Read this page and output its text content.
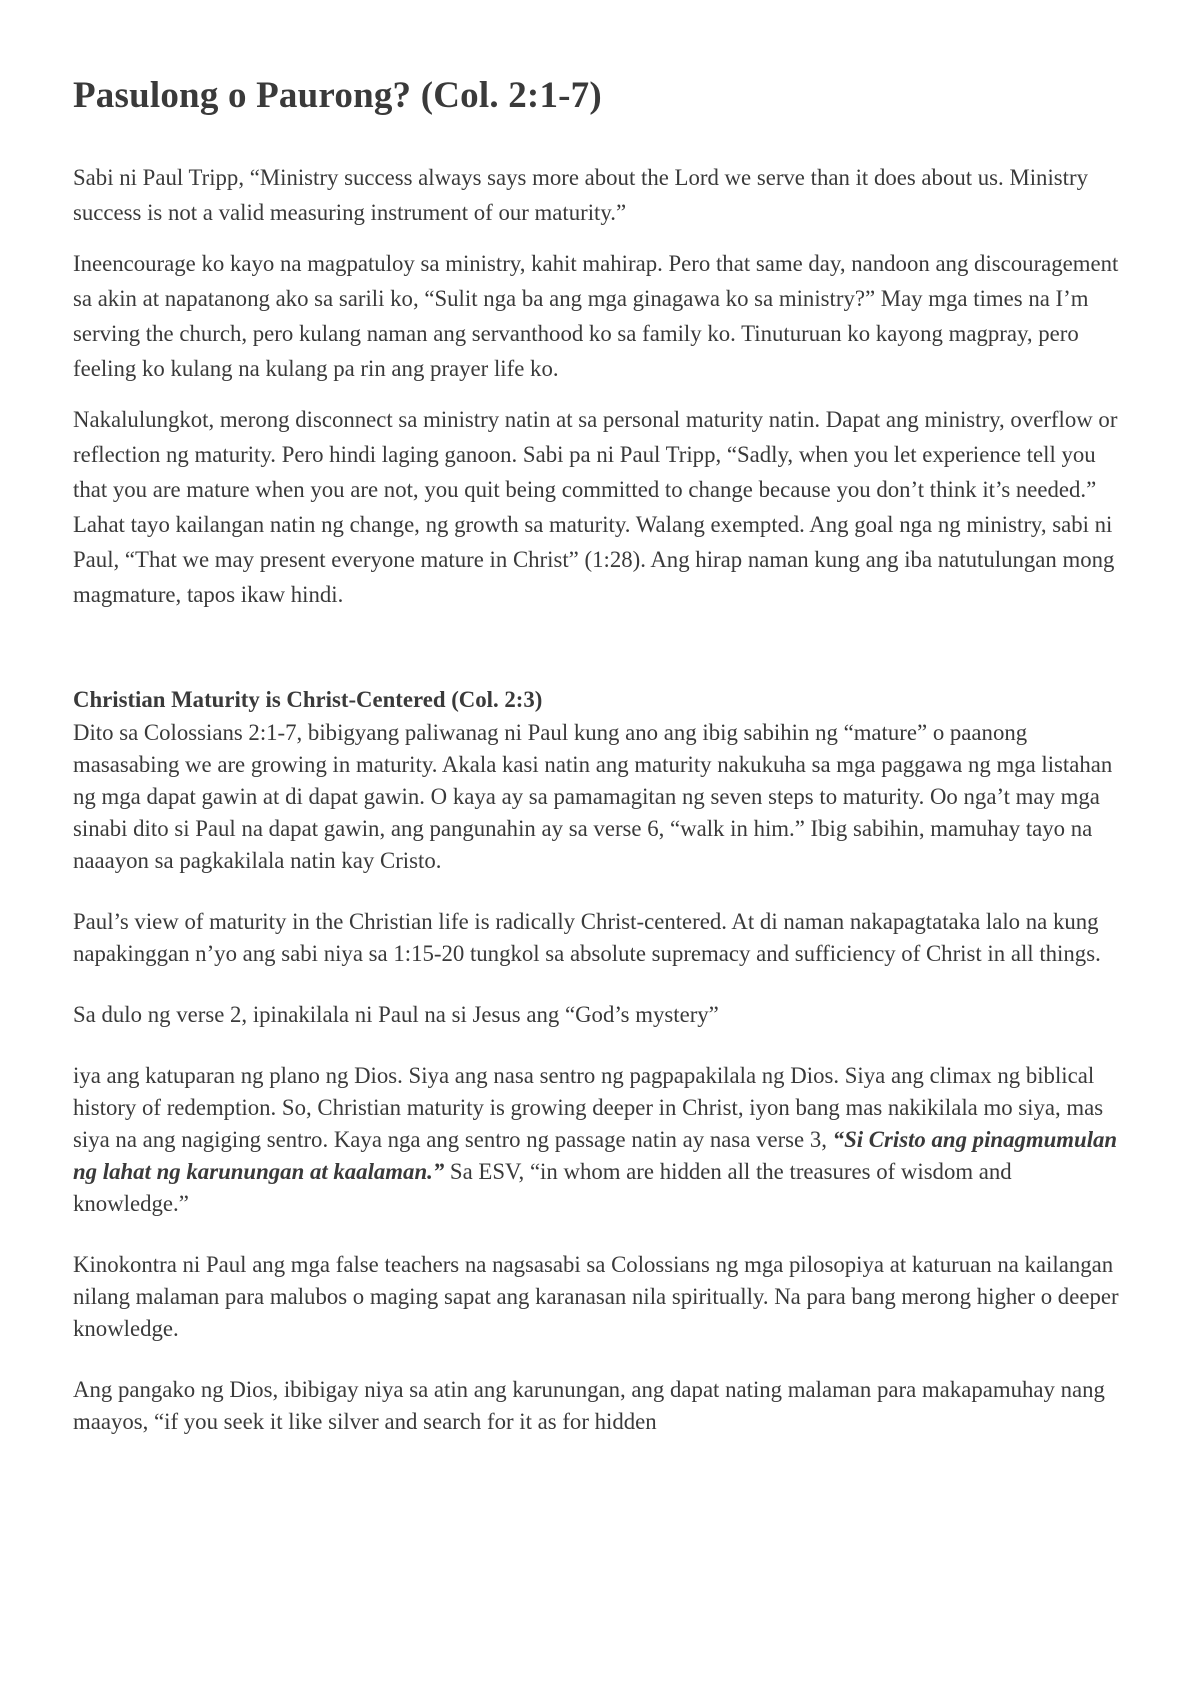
Pasulong o Paurong? (Col. 2:1-7)

Sabi ni Paul Tripp, “Ministry success always says more about the Lord we serve than it does about us. Ministry success is not a valid measuring instrument of our maturity.”

Ineencourage ko kayo na magpatuloy sa ministry, kahit mahirap. Pero that same day, nandoon ang discouragement sa akin at napatanong ako sa sarili ko, “Sulit nga ba ang mga ginagawa ko sa ministry?” May mga times na I’m serving the church, pero kulang naman ang servanthood ko sa family ko. Tinuturuan ko kayong magpray, pero feeling ko kulang na kulang pa rin ang prayer life ko.

Nakalulungkot, merong disconnect sa ministry natin at sa personal maturity natin. Dapat ang ministry, overflow or reflection ng maturity. Pero hindi laging ganoon. Sabi pa ni Paul Tripp, “Sadly, when you let experience tell you that you are mature when you are not, you quit being committed to change because you don’t think it’s needed.” Lahat tayo kailangan natin ng change, ng growth sa maturity. Walang exempted. Ang goal nga ng ministry, sabi ni Paul, “That we may present everyone mature in Christ” (1:28). Ang hirap naman kung ang iba natutulungan mong magmature, tapos ikaw hindi.

Christian Maturity is Christ-Centered (Col. 2:3)

Dito sa Colossians 2:1-7, bibigyang paliwanag ni Paul kung ano ang ibig sabihin ng “mature” o paanong masasabing we are growing in maturity. Akala kasi natin ang maturity nakukuha sa mga paggawa ng mga listahan ng mga dapat gawin at di dapat gawin. O kaya ay sa pamamagitan ng seven steps to maturity. Oo nga’t may mga sinabi dito si Paul na dapat gawin, ang pangunahin ay sa verse 6, “walk in him.” Ibig sabihin, mamuhay tayo na naaayon sa pagkakilala natin kay Cristo.

Paul’s view of maturity in the Christian life is radically Christ-centered. At di naman nakapagtataka lalo na kung napakinggan n’yo ang sabi niya sa 1:15-20 tungkol sa absolute supremacy and sufficiency of Christ in all things.

Sa dulo ng verse 2, ipinakilala ni Paul na si Jesus ang “God’s mystery”

iya ang katuparan ng plano ng Dios. Siya ang nasa sentro ng pagpapakilala ng Dios. Siya ang climax ng biblical history of redemption. So, Christian maturity is growing deeper in Christ, iyon bang mas nakikilala mo siya, mas siya na ang nagiging sentro. Kaya nga ang sentro ng passage natin ay nasa verse 3, “Si Cristo ang pinagmumulan ng lahat ng karunungan at kaalaman.” Sa ESV, “in whom are hidden all the treasures of wisdom and knowledge.”

Kinokontra ni Paul ang mga false teachers na nagsasabi sa Colossians ng mga pilosopiya at katuruan na kailangan nilang malaman para malubos o maging sapat ang karanasan nila spiritually. Na para bang merong higher o deeper knowledge.

Ang pangako ng Dios, ibibigay niya sa atin ang karunungan, ang dapat nating malaman para makapamuhay nang maayos, “if you seek it like silver and search for it as for hidden
